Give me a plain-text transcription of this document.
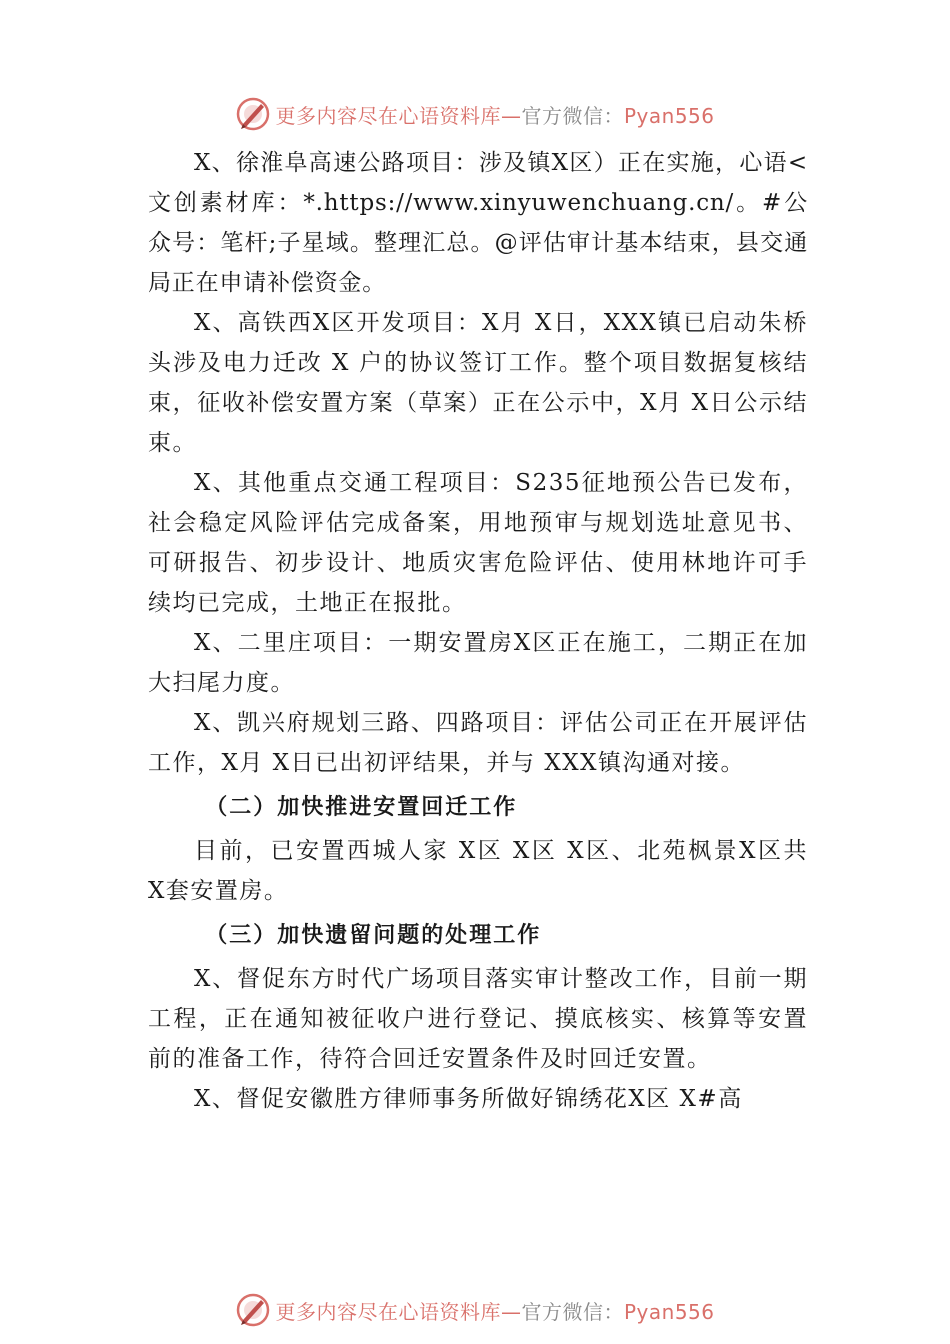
更多内容尽在心语资料库—官方微信：Pyan556

X、徐淮阜高速公路项目：涉及镇X区）正在实施，心语<文创素材库：*.https://www.xinyuwenchuang.cn/。#公众号：笔杆;子星域。整理汇总。@评估审计基本结束，县交通局正在申请补偿资金。

X、高铁西X区开发项目：X月 X日，XXX镇已启动朱桥头涉及电力迁改 X 户的协议签订工作。整个项目数据复核结束，征收补偿安置方案（草案）正在公示中，X月 X日公示结束。

X、其他重点交通工程项目：S235征地预公告已发布，社会稳定风险评估完成备案，用地预审与规划选址意见书、 可研报告、初步设计、地质灾害危险评估、使用林地许可手续均已完成，土地正在报批。

X、二里庄项目：一期安置房X区正在施工，二期正在加大扫尾力度。

X、凯兴府规划三路、四路项目：评估公司正在开展评估工作，X月 X日已出初评结果，并与 XXX镇沟通对接。

（二）加快推进安置回迁工作

目前，已安置西城人家 X区 X区 X区、北苑枫景X区共 X套安置房。

（三）加快遗留问题的处理工作

X、督促东方时代广场项目落实审计整改工作，目前一期工程，正在通知被征收户进行登记、摸底核实、核算等安置前的准备工作，待符合回迁安置条件及时回迁安置。

X、督促安徽胜方律师事务所做好锦绣花X区 X#高

更多内容尽在心语资料库—官方微信：Pyan556
